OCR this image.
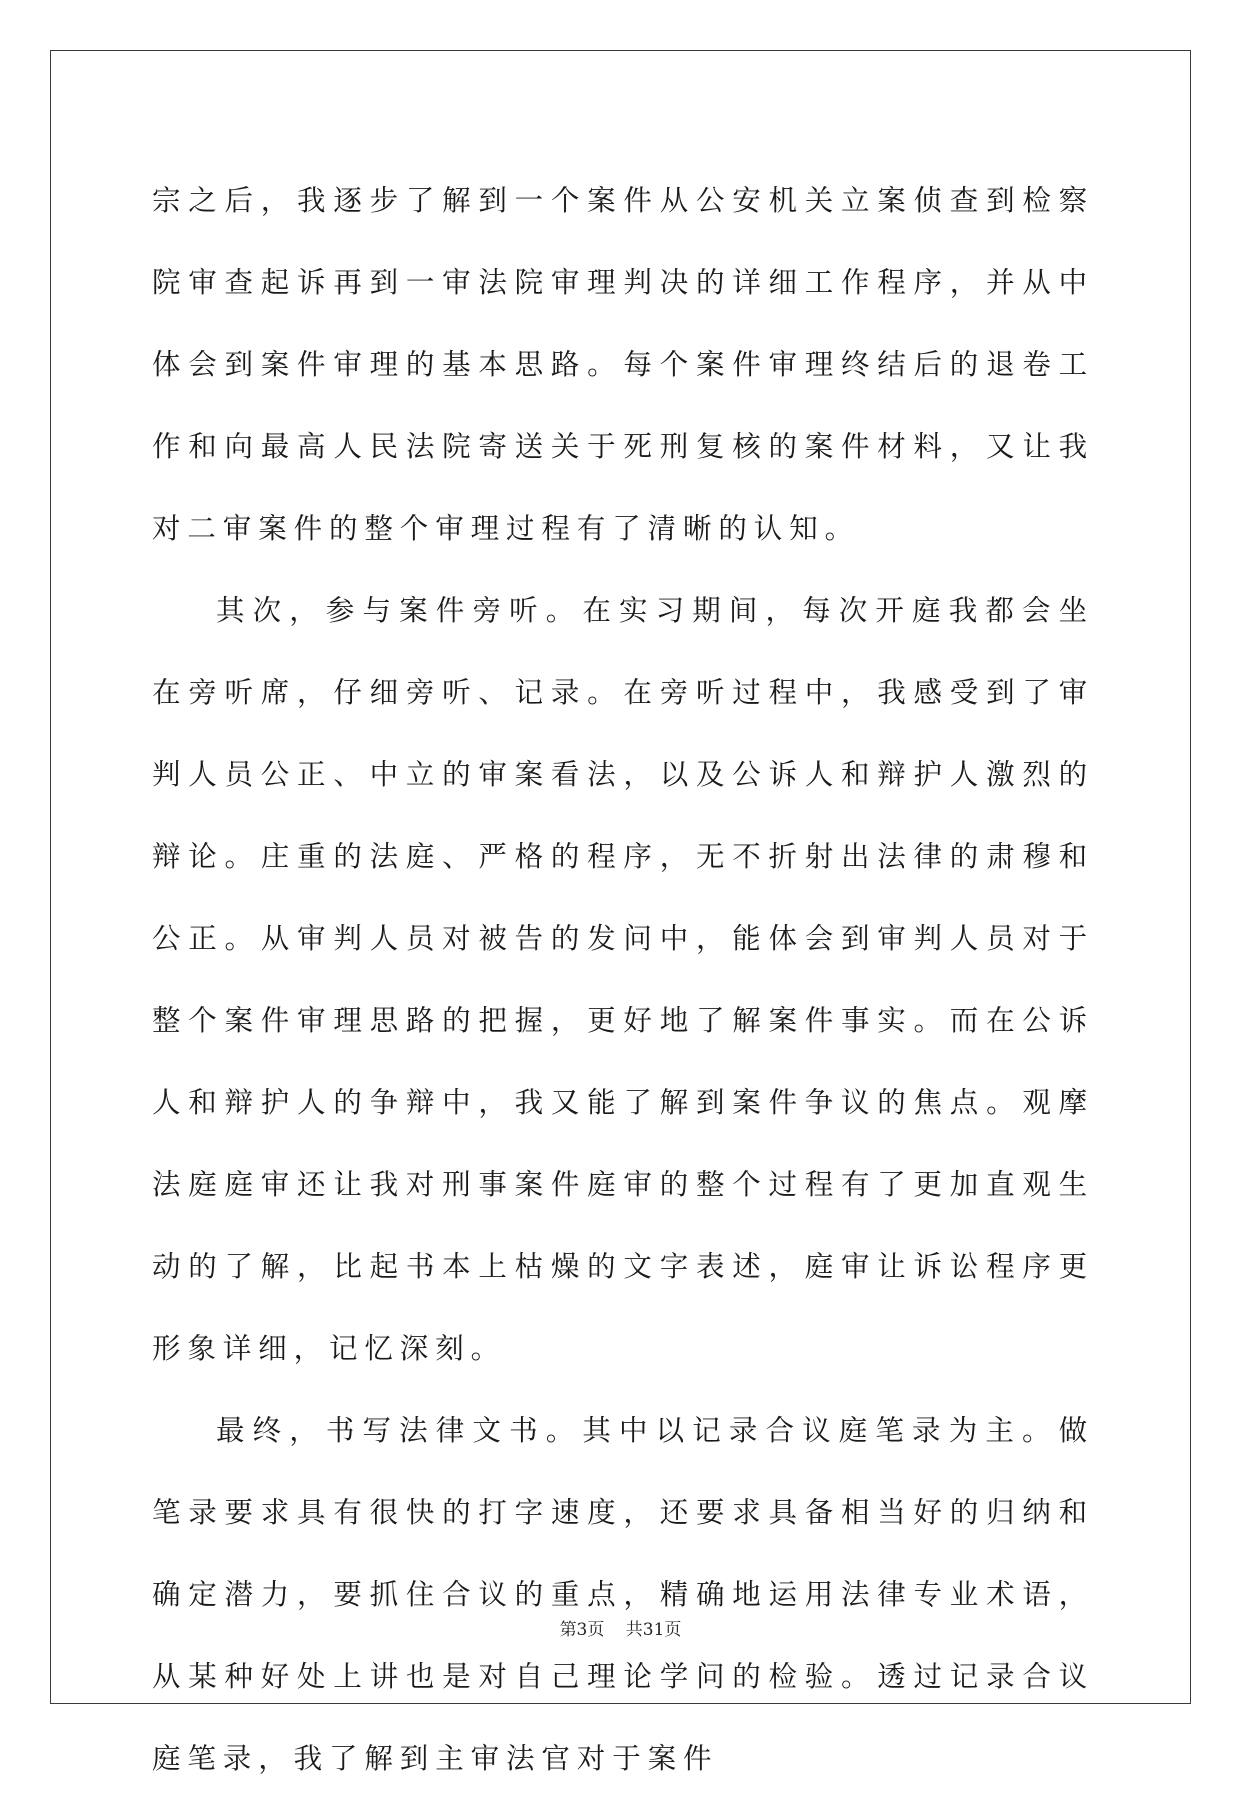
宗之后，我逐步了解到一个案件从公安机关立案侦查到检察院审查起诉再到一审法院审理判决的详细工作程序，并从中体会到案件审理的基本思路。每个案件审理终结后的退卷工作和向最高人民法院寄送关于死刑复核的案件材料，又让我对二审案件的整个审理过程有了清晰的认知。

其次，参与案件旁听。在实习期间，每次开庭我都会坐在旁听席，仔细旁听、记录。在旁听过程中，我感受到了审判人员公正、中立的审案看法，以及公诉人和辩护人激烈的辩论。庄重的法庭、严格的程序，无不折射出法律的肃穆和公正。从审判人员对被告的发问中，能体会到审判人员对于整个案件审理思路的把握，更好地了解案件事实。而在公诉人和辩护人的争辩中，我又能了解到案件争议的焦点。观摩法庭庭审还让我对刑事案件庭审的整个过程有了更加直观生动的了解，比起书本上枯燥的文字表述，庭审让诉讼程序更形象详细，记忆深刻。

最终，书写法律文书。其中以记录合议庭笔录为主。做笔录要求具有很快的打字速度，还要求具备相当好的归纳和确定潜力，要抓住合议的重点，精确地运用法律专业术语，从某种好处上讲也是对自己理论学问的检验。透过记录合议庭笔录，我了解到主审法官对于案件

第3页 共31页
